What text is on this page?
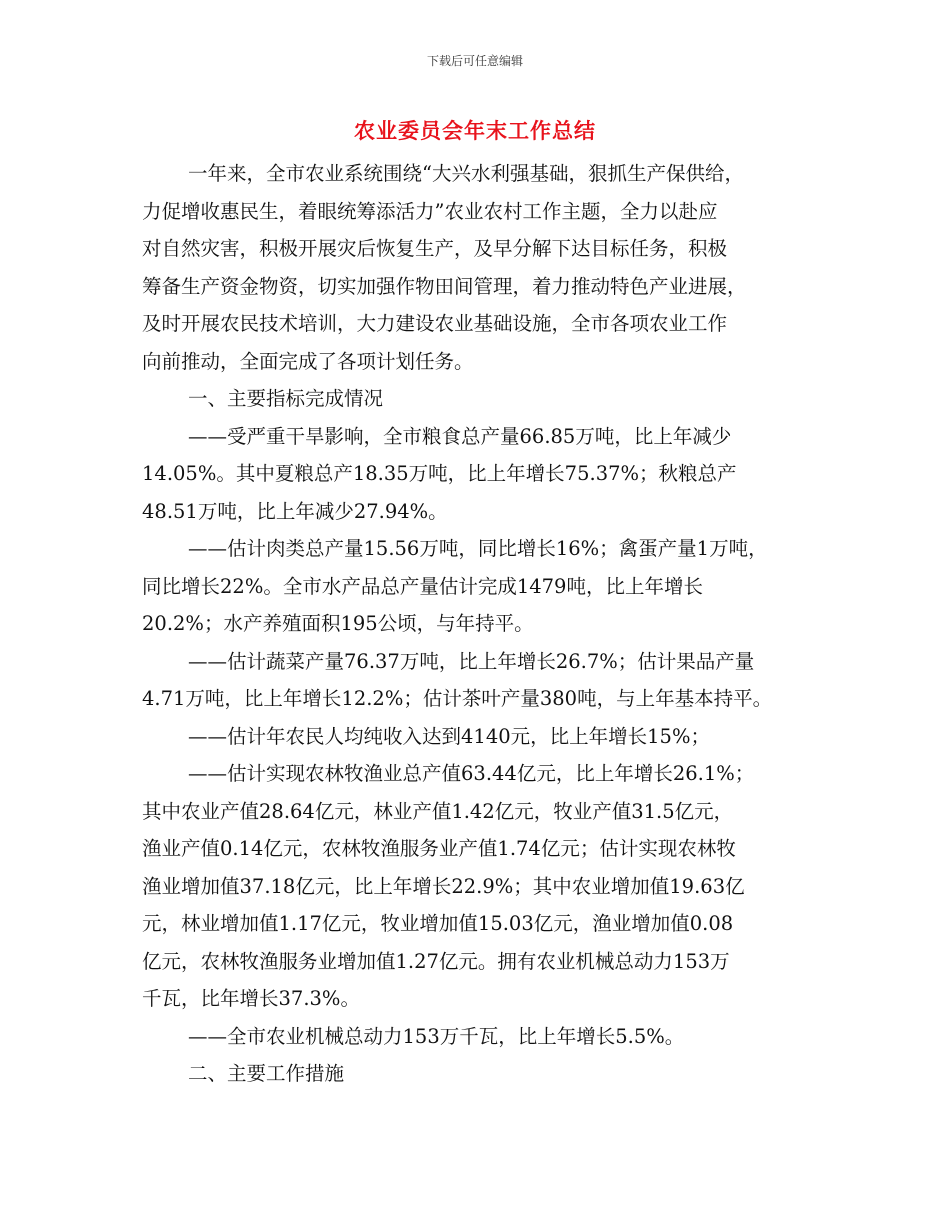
下载后可任意编辑
农业委员会年末工作总结
一年来，全市农业系统围绕“大兴水利强基础，狠抓生产保供给，
力促增收惠民生，着眼统筹添活力”农业农村工作主题，全力以赴应
对自然灾害，积极开展灾后恢复生产，及早分解下达目标任务，积极
筹备生产资金物资，切实加强作物田间管理，着力推动特色产业进展，
及时开展农民技术培训，大力建设农业基础设施，全市各项农业工作
向前推动，全面完成了各项计划任务。
一、主要指标完成情况
——受严重干旱影响，全市粮食总产量66.85万吨，比上年减少
14.05%。其中夏粮总产18.35万吨，比上年增长75.37%；秋粮总产
48.51万吨，比上年减少27.94%。
——估计肉类总产量15.56万吨，同比增长16%；禽蛋产量1万吨，
同比增长22%。全市水产品总产量估计完成1479吨，比上年增长
20.2%；水产养殖面积195公顷，与年持平。
——估计蔬菜产量76.37万吨，比上年增长26.7%；估计果品产量
4.71万吨，比上年增长12.2%；估计茶叶产量380吨，与上年基本持平。
——估计年农民人均纯收入达到4140元，比上年增长15%；
——估计实现农林牧渔业总产值63.44亿元，比上年增长26.1%；
其中农业产值28.64亿元，林业产值1.42亿元，牧业产值31.5亿元，
渔业产值0.14亿元，农林牧渔服务业产值1.74亿元；估计实现农林牧
渔业增加值37.18亿元，比上年增长22.9%；其中农业增加值19.63亿
元，林业增加值1.17亿元，牧业增加值15.03亿元，渔业增加值0.08
亿元，农林牧渔服务业增加值1.27亿元。拥有农业机械总动力153万
千瓦，比年增长37.3%。
——全市农业机械总动力153万千瓦，比上年增长5.5%。
二、主要工作措施
